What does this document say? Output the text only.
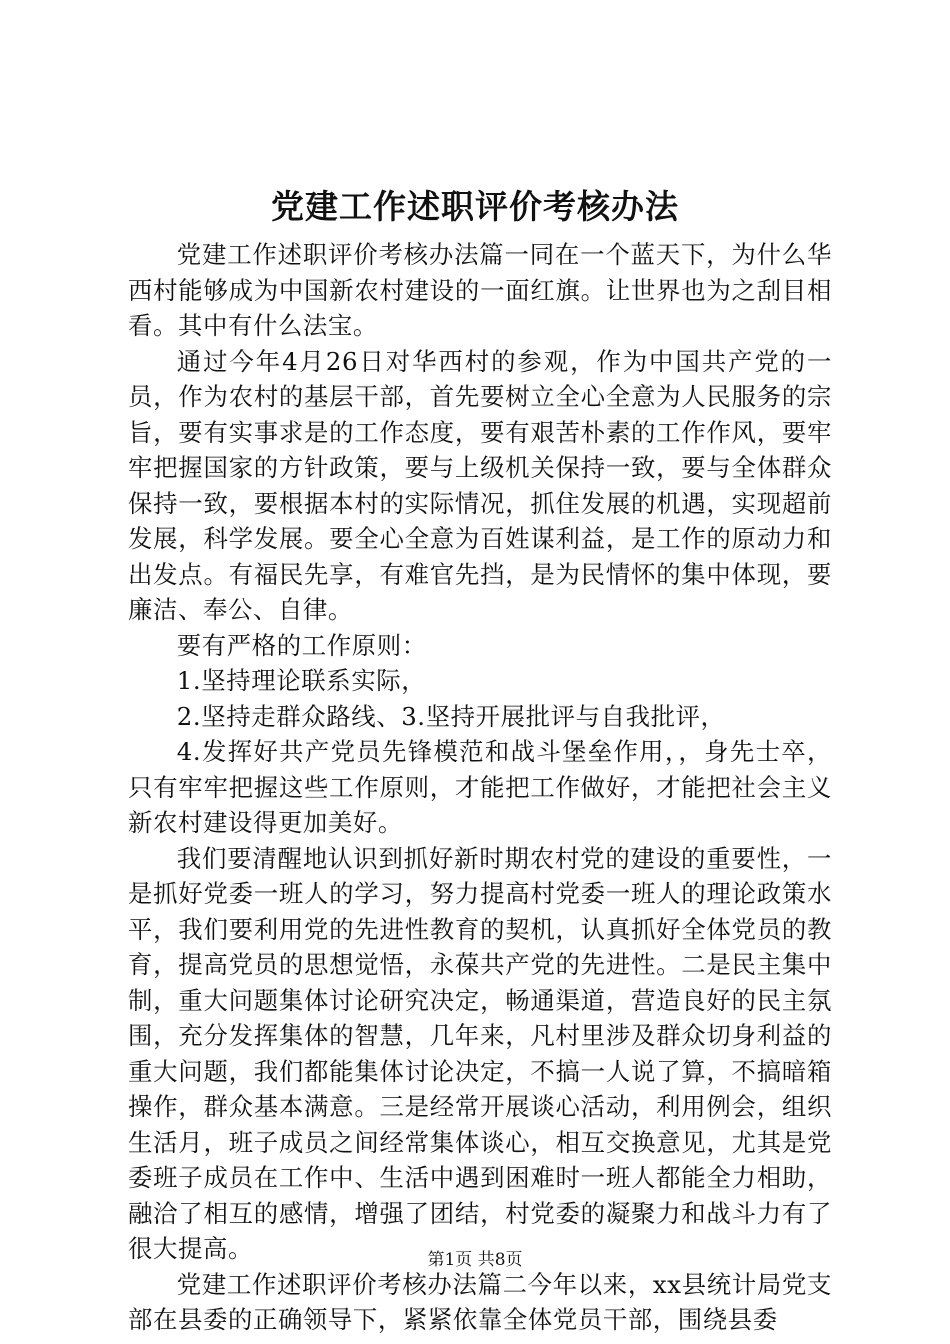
党建工作述职评价考核办法

党建工作述职评价考核办法篇一同在一个蓝天下，为什么华西村能够成为中国新农村建设的一面红旗。让世界也为之刮目相看。其中有什么法宝。

通过今年4月26日对华西村的参观，作为中国共产党的一员，作为农村的基层干部，首先要树立全心全意为人民服务的宗旨，要有实事求是的工作态度，要有艰苦朴素的工作作风，要牢牢把握国家的方针政策，要与上级机关保持一致，要与全体群众保持一致，要根据本村的实际情况，抓住发展的机遇，实现超前发展，科学发展。要全心全意为百姓谋利益，是工作的原动力和出发点。有福民先享，有难官先挡，是为民情怀的集中体现，要廉洁、奉公、自律。

要有严格的工作原则：

1.坚持理论联系实际，

2.坚持走群众路线、3.坚持开展批评与自我批评，

4.发挥好共产党员先锋模范和战斗堡垒作用，，身先士卒，只有牢牢把握这些工作原则，才能把工作做好，才能把社会主义新农村建设得更加美好。

我们要清醒地认识到抓好新时期农村党的建设的重要性，一是抓好党委一班人的学习，努力提高村党委一班人的理论政策水平，我们要利用党的先进性教育的契机，认真抓好全体党员的教育，提高党员的思想觉悟，永葆共产党的先进性。二是民主集中制，重大问题集体讨论研究决定，畅通渠道，营造良好的民主氛围，充分发挥集体的智慧，几年来，凡村里涉及群众切身利益的重大问题，我们都能集体讨论决定，不搞一人说了算，不搞暗箱操作，群众基本满意。三是经常开展谈心活动，利用例会，组织生活月，班子成员之间经常集体谈心，相互交换意见，尤其是党委班子成员在工作中、生活中遇到困难时一班人都能全力相助，融洽了相互的感情，增强了团结，村党委的凝聚力和战斗力有了很大提高。

党建工作述职评价考核办法篇二今年以来，xx县统计局党支部在县委的正确领导下，紧紧依靠全体党员干部，围绕县委

第1页 共8页
